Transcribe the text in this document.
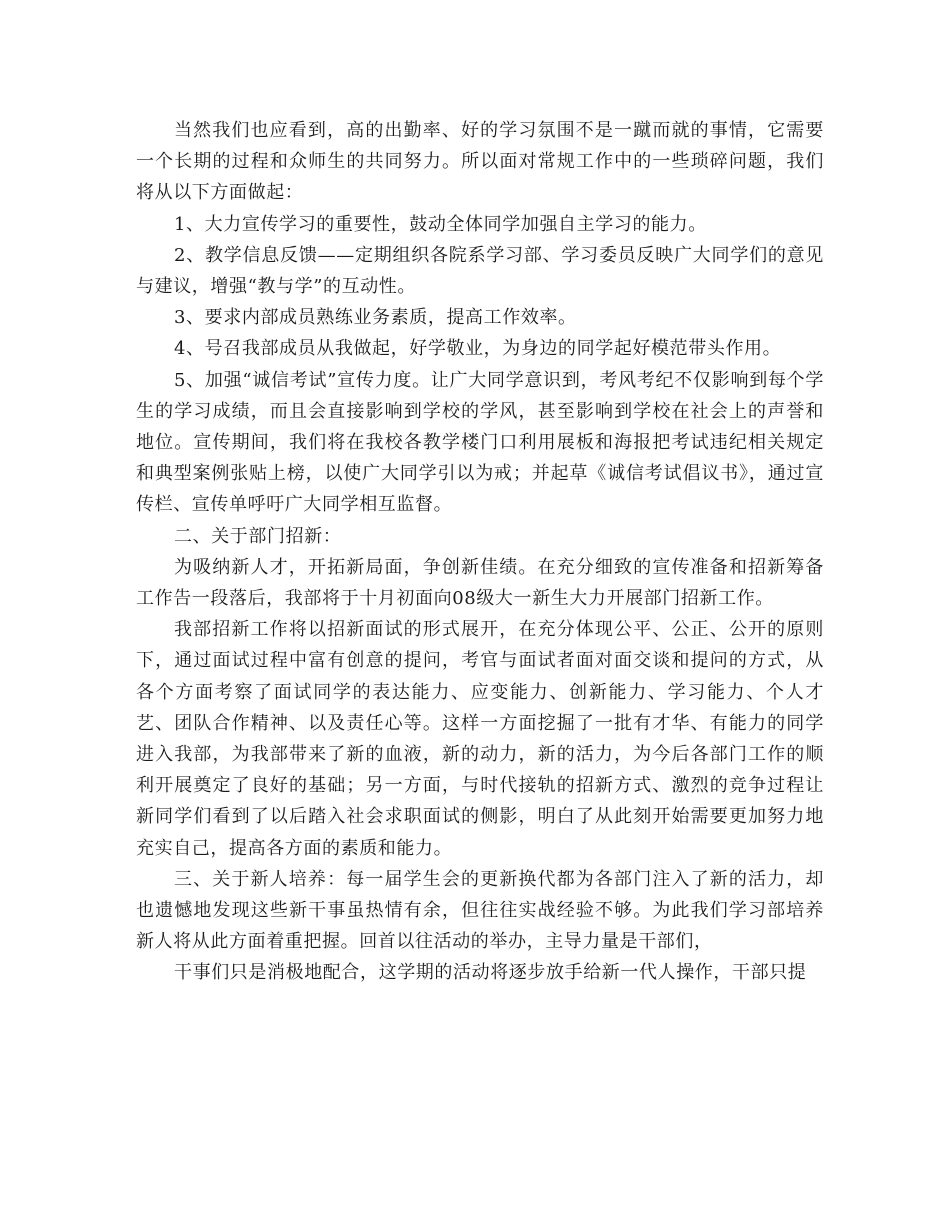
当然我们也应看到，高的出勤率、好的学习氛围不是一蹴而就的事情，它需要一个长期的过程和众师生的共同努力。所以面对常规工作中的一些琐碎问题，我们将从以下方面做起：

1、大力宣传学习的重要性，鼓动全体同学加强自主学习的能力。

2、教学信息反馈——定期组织各院系学习部、学习委员反映广大同学们的意见与建议，增强“教与学”的互动性。

3、要求内部成员熟练业务素质，提高工作效率。

4、号召我部成员从我做起，好学敬业，为身边的同学起好模范带头作用。

5、加强“诚信考试”宣传力度。让广大同学意识到，考风考纪不仅影响到每个学生的学习成绩，而且会直接影响到学校的学风，甚至影响到学校在社会上的声誉和地位。宣传期间，我们将在我校各教学楼门口利用展板和海报把考试违纪相关规定和典型案例张贴上榜，以使广大同学引以为戒；并起草《诚信考试倡议书》，通过宣传栏、宣传单呼吁广大同学相互监督。

二、关于部门招新：

为吸纳新人才，开拓新局面，争创新佳绩。在充分细致的宣传准备和招新筹备工作告一段落后，我部将于十月初面向08级大一新生大力开展部门招新工作。

我部招新工作将以招新面试的形式展开，在充分体现公平、公正、公开的原则下，通过面试过程中富有创意的提问，考官与面试者面对面交谈和提问的方式，从各个方面考察了面试同学的表达能力、应变能力、创新能力、学习能力、个人才艺、团队合作精神、以及责任心等。这样一方面挖掘了一批有才华、有能力的同学进入我部，为我部带来了新的血液，新的动力，新的活力，为今后各部门工作的顺利开展奠定了良好的基础；另一方面，与时代接轨的招新方式、激烈的竞争过程让新同学们看到了以后踏入社会求职面试的侧影，明白了从此刻开始需要更加努力地充实自己，提高各方面的素质和能力。

三、关于新人培养：每一届学生会的更新换代都为各部门注入了新的活力，却也遗憾地发现这些新干事虽热情有余，但往往实战经验不够。为此我们学习部培养新人将从此方面着重把握。回首以往活动的举办，主导力量是干部们，

干事们只是消极地配合，这学期的活动将逐步放手给新一代人操作，干部只提
